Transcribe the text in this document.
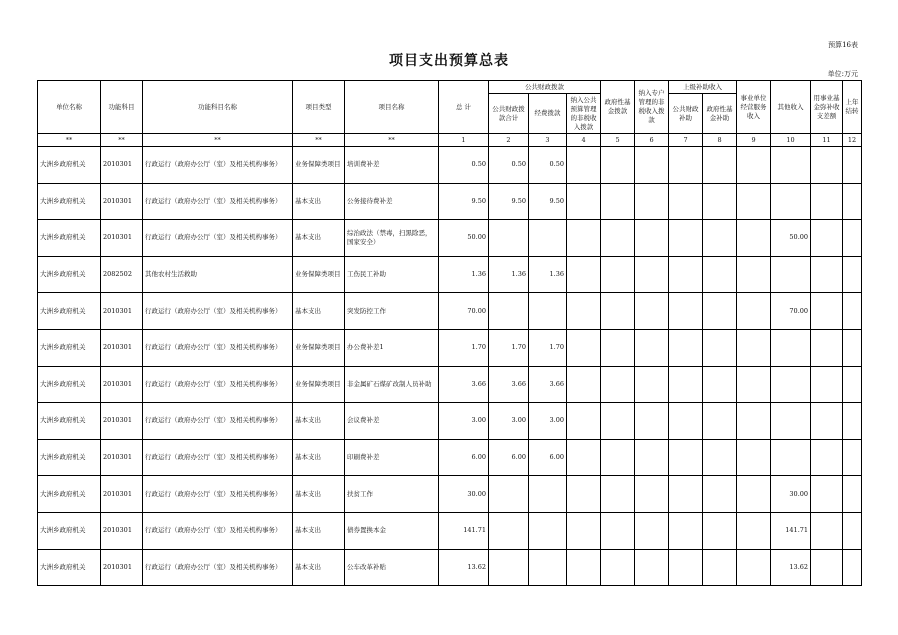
预算16表
项目支出预算总表
单位:万元
单位名称	功能科目	功能科目名称	项目类型	项目名称	总 计	公共财政拨款			政府性基金拨款	纳入专户管理的非税收入拨款	上级补助收入		事业单位经营服务收入	其他收入	用事业基金弥补收支差额	上年结转
						公共财政拨款合计	经费拨款	纳入公共预算管理的非税收入拨款			公共财政补助	政府性基金补助				
**	**	**	**	**	1	2	3	4	5	6	7	8	9	10	11	12
大洲乡政府机关	2010301	行政运行（政府办公厅（室）及相关机构事务）	业务保障类项目	培训费补差	0.50	0.50	0.50									
大洲乡政府机关	2010301	行政运行（政府办公厅（室）及相关机构事务）	基本支出	公务接待费补差	9.50	9.50	9.50									
大洲乡政府机关	2010301	行政运行（政府办公厅（室）及相关机构事务）	基本支出	综治政法（禁毒，扫黑除恶，国家安全）	50.00									50.00		
大洲乡政府机关	2082502	其他农村生活救助	业务保障类项目	工伤民工补助	1.36	1.36	1.36									
大洲乡政府机关	2010301	行政运行（政府办公厅（室）及相关机构事务）	基本支出	突发防控工作	70.00									70.00		
大洲乡政府机关	2010301	行政运行（政府办公厅（室）及相关机构事务）	业务保障类项目	办公费补差1	1.70	1.70	1.70									
大洲乡政府机关	2010301	行政运行（政府办公厅（室）及相关机构事务）	业务保障类项目	非金属矿石煤矿改制人员补助	3.66	3.66	3.66									
大洲乡政府机关	2010301	行政运行（政府办公厅（室）及相关机构事务）	基本支出	会议费补差	3.00	3.00	3.00									
大洲乡政府机关	2010301	行政运行（政府办公厅（室）及相关机构事务）	基本支出	印刷费补差	6.00	6.00	6.00									
大洲乡政府机关	2010301	行政运行（政府办公厅（室）及相关机构事务）	基本支出	扶贫工作	30.00									30.00		
大洲乡政府机关	2010301	行政运行（政府办公厅（室）及相关机构事务）	基本支出	债券置换本金	141.71									141.71		
大洲乡政府机关	2010301	行政运行（政府办公厅（室）及相关机构事务）	基本支出	公车改革补贴	13.62									13.62		
